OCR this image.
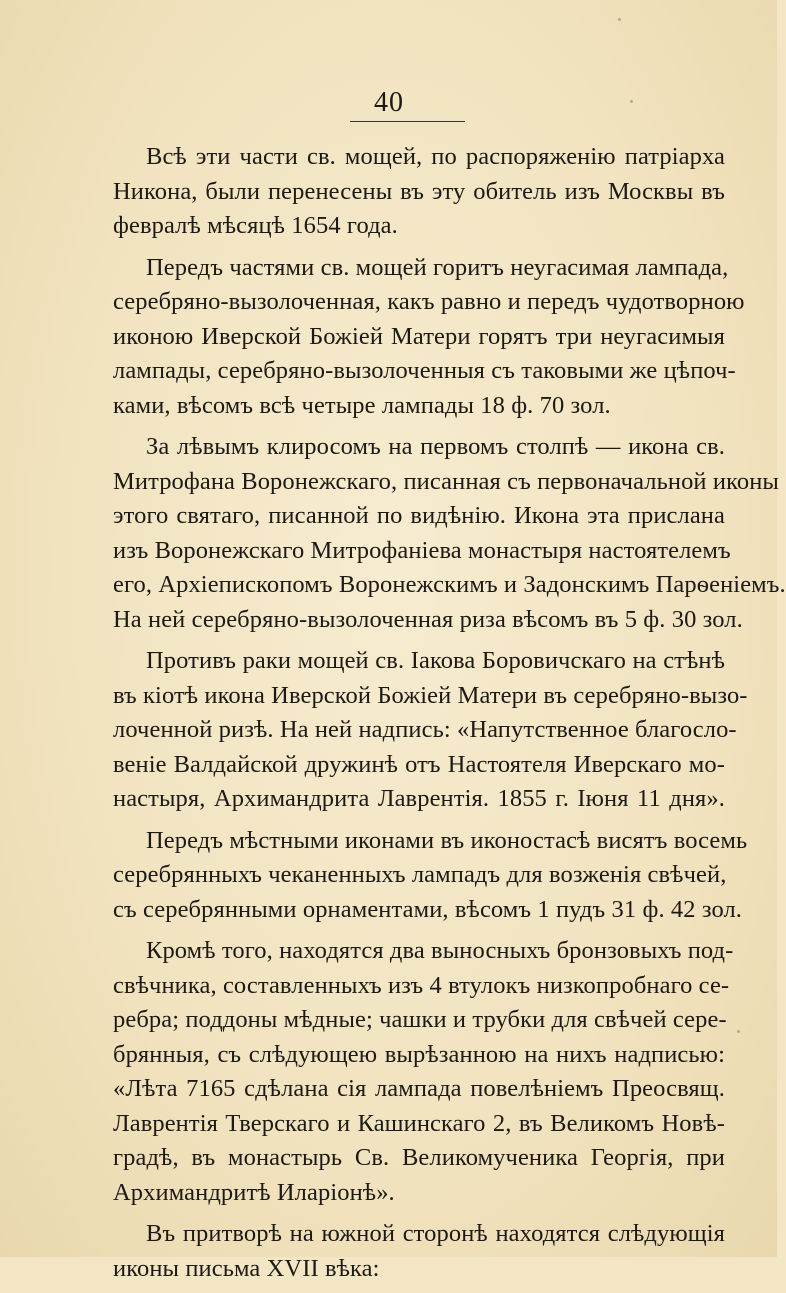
40
Всѣ эти части св. мощей, по распоряженію патріарха
Никона, были перенесены въ эту обитель изъ Москвы въ
февралѣ мѣсяцѣ 1654 года.
Передъ частями св. мощей горитъ неугасимая лампада,
серебряно-вызолоченная, какъ равно и передъ чудотворною
иконою Иверской Божіей Матери горятъ три неугасимыя
лампады, серебряно-вызолоченныя съ таковыми же цѣпоч-
ками, вѣсомъ всѣ четыре лампады 18 ф. 70 зол.
За лѣвымъ клиросомъ на первомъ столпѣ — икона св.
Митрофана Воронежскаго, писанная съ первоначальной иконы
этого святаго, писанной по видѣнію. Икона эта прислана
изъ Воронежскаго Митрофаніева монастыря настоятелемъ
его, Архіепископомъ Воронежскимъ и Задонскимъ Парѳеніемъ.
На ней серебряно-вызолоченная риза вѣсомъ въ 5 ф. 30 зол.
Противъ раки мощей св. Іакова Боровичскаго на стѣнѣ
въ кіотѣ икона Иверской Божіей Матери въ серебряно-вызо-
лоченной ризѣ. На ней надпись: «Напутственное благосло-
веніе Валдайской дружинѣ отъ Настоятеля Иверскаго мо-
настыря, Архимандрита Лаврентія. 1855 г. Іюня 11 дня».
Передъ мѣстными иконами въ иконостасѣ висятъ восемь
серебрянныхъ чеканенныхъ лампадъ для возженія свѣчей,
съ серебрянными орнаментами, вѣсомъ 1 пудъ 31 ф. 42 зол.
Кромѣ того, находятся два выносныхъ бронзовыхъ под-
свѣчника, составленныхъ изъ 4 втулокъ низкопробнаго се-
ребра; поддоны мѣдные; чашки и трубки для свѣчей сере-
брянныя, съ слѣдующею вырѣзанною на нихъ надписью:
«Лѣта 7165 сдѣлана сія лампада повелѣніемъ Преосвящ.
Лаврентія Тверскаго и Кашинскаго 2, въ Великомъ Новѣ-
градѣ, въ монастырь Св. Великомученика Георгія, при
Архимандритѣ Иларіонѣ».
Въ притворѣ на южной сторонѣ находятся слѣдующія
иконы письма XVII вѣка:
